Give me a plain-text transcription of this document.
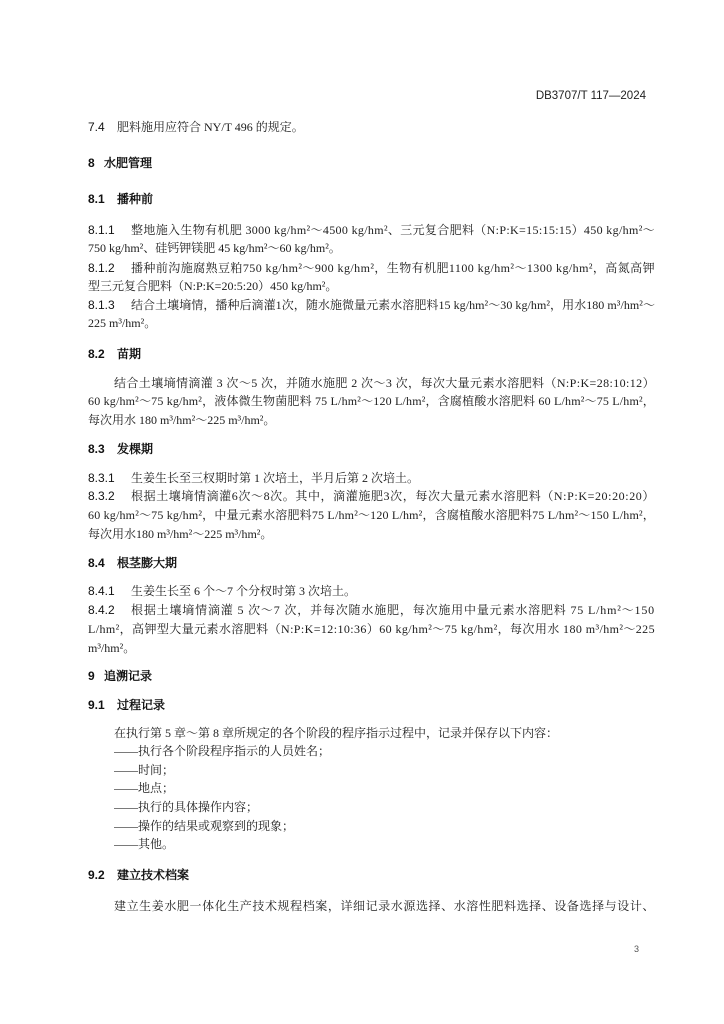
DB3707/T 117—2024
7.4 肥料施用应符合 NY/T 496 的规定。
8 水肥管理
8.1 播种前
8.1.1 整地施入生物有机肥 3000 kg/hm²～4500 kg/hm²、三元复合肥料（N:P:K=15:15:15）450 kg/hm²～
750 kg/hm²、硅钙钾镁肥 45 kg/hm²～60 kg/hm²。
8.1.2 播种前沟施腐熟豆粕750 kg/hm²～900 kg/hm²，生物有机肥1100 kg/hm²～1300 kg/hm²，高氮高钾
型三元复合肥料（N:P:K=20:5:20）450 kg/hm²。
8.1.3 结合土壤墒情，播种后滴灌1次，随水施微量元素水溶肥料15 kg/hm²～30 kg/hm²，用水180 m³/hm²～
225 m³/hm²。
8.2 苗期
结合土壤墒情滴灌 3 次～5 次，并随水施肥 2 次～3 次，每次大量元素水溶肥料（N:P:K=28:10:12）
60 kg/hm²～75 kg/hm²，液体微生物菌肥料 75 L/hm²～120 L/hm²，含腐植酸水溶肥料 60 L/hm²～75 L/hm²，
每次用水 180 m³/hm²～225 m³/hm²。
8.3 发棵期
8.3.1 生姜生长至三杈期时第 1 次培土，半月后第 2 次培土。
8.3.2 根据土壤墒情滴灌6次～8次。其中，滴灌施肥3次，每次大量元素水溶肥料（N:P:K=20:20:20）
60 kg/hm²～75 kg/hm²，中量元素水溶肥料75 L/hm²～120 L/hm²，含腐植酸水溶肥料75 L/hm²～150 L/hm²，
每次用水180 m³/hm²～225 m³/hm²。
8.4 根茎膨大期
8.4.1 生姜生长至 6 个～7 个分杈时第 3 次培土。
8.4.2 根据土壤墒情滴灌 5 次～7 次，并每次随水施肥，每次施用中量元素水溶肥料 75 L/hm²～150
L/hm²，高钾型大量元素水溶肥料（N:P:K=12:10:36）60 kg/hm²～75 kg/hm²，每次用水 180 m³/hm²～225
m³/hm²。
9 追溯记录
9.1 过程记录
在执行第 5 章～第 8 章所规定的各个阶段的程序指示过程中，记录并保存以下内容：
——执行各个阶段程序指示的人员姓名；
——时间；
——地点；
——执行的具体操作内容；
——操作的结果或观察到的现象；
——其他。
9.2 建立技术档案
建立生姜水肥一体化生产技术规程档案，详细记录水源选择、水溶性肥料选择、设备选择与设计、
3
